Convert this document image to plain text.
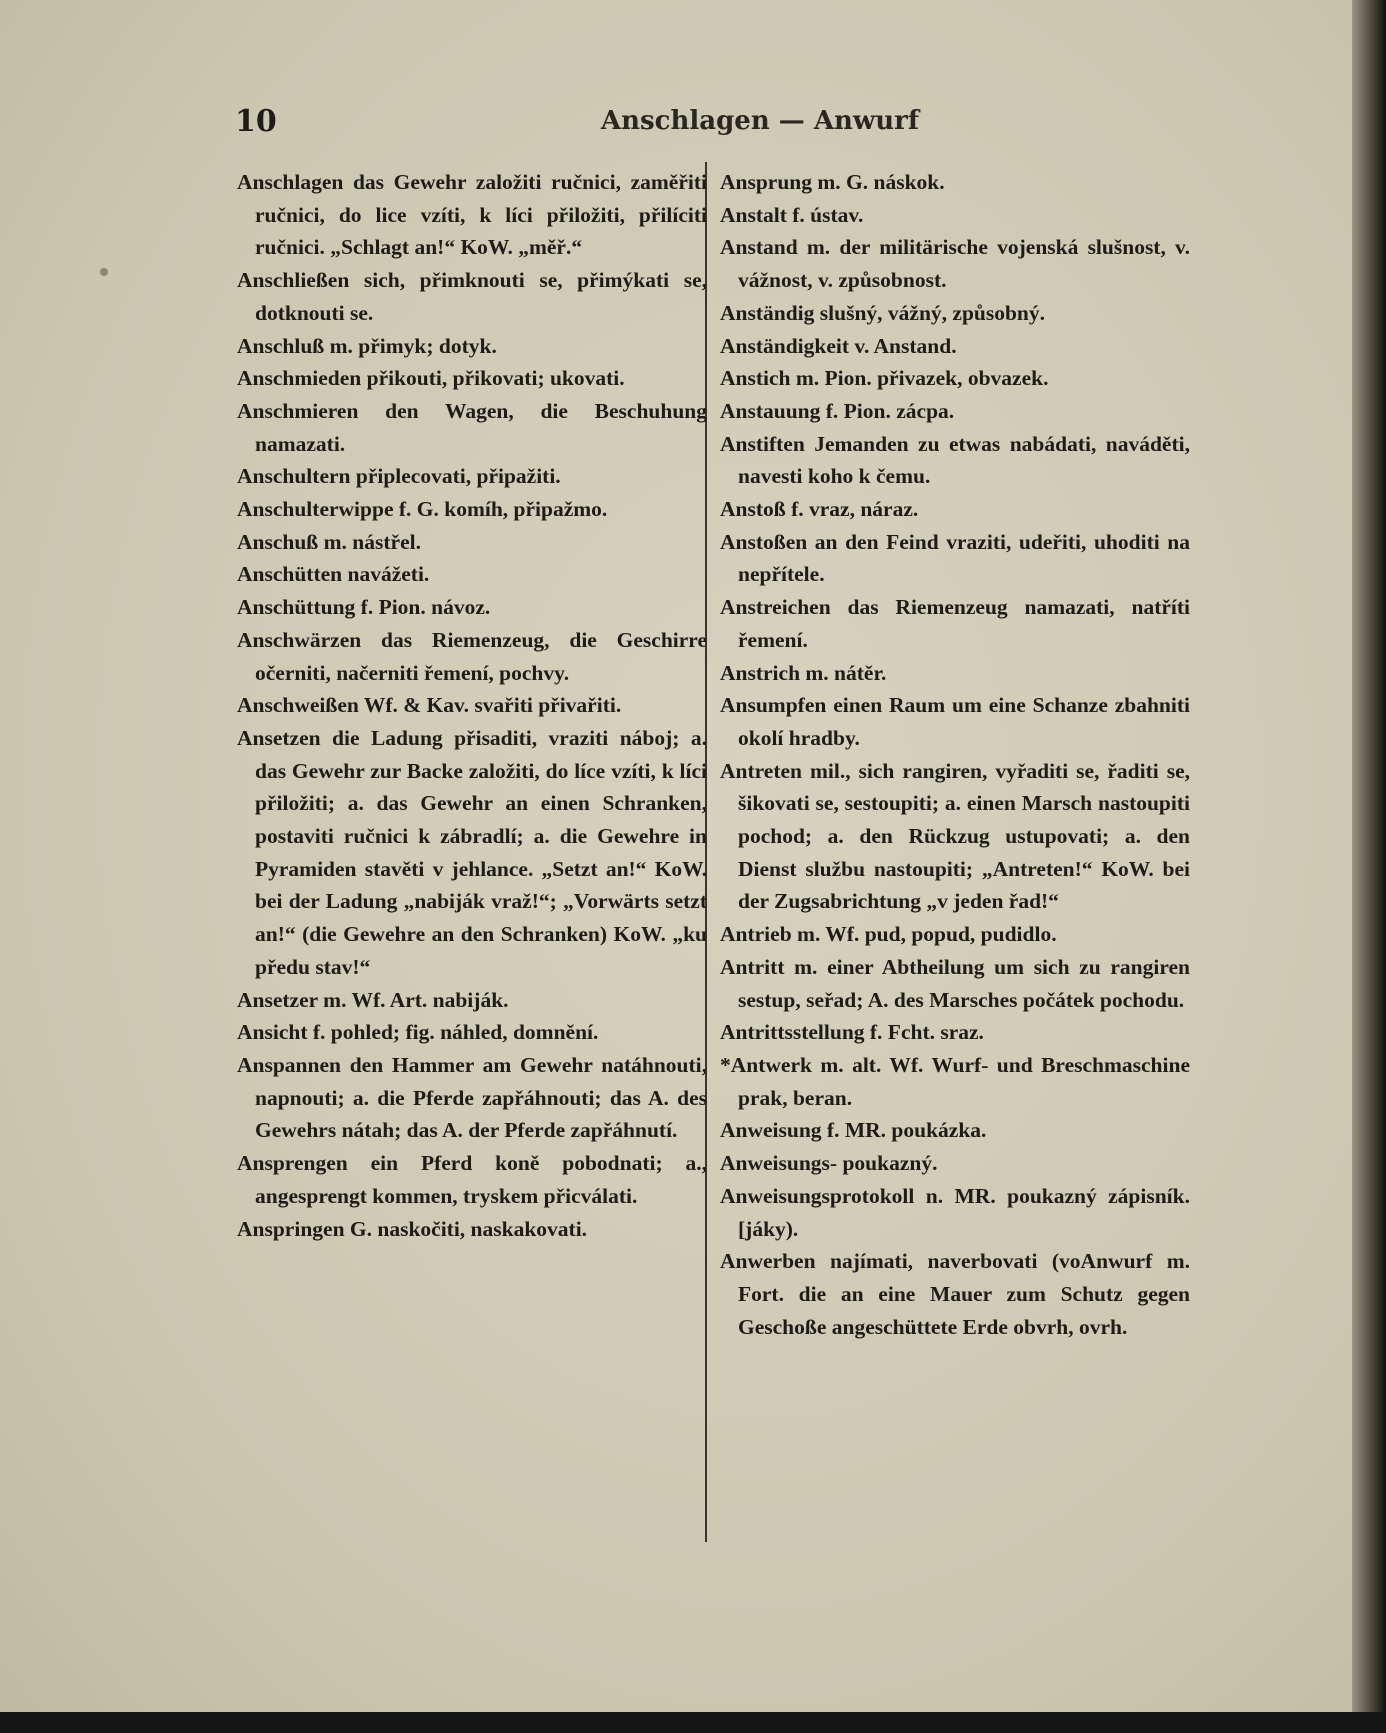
10	Anschlagen — Anwurf

Anschlagen das Gewehr založiti ručnici, zaměřiti ručnici, do lice vzíti, k líci přiložiti, přilíciti ručnici. „Schlagt an!“ KoW. „měř.“

Anschließen sich, přimknouti se, přimýkati se, dotknouti se.

Anschluß m. přimyk; dotyk.

Anschmieden přikouti, přikovati; ukovati.

Anschmieren den Wagen, die Beschuhung namazati.

Anschultern připlecovati, připažiti.

Anschulterwippe f. G. komíh, připažmo.

Anschuß m. nástřel.

Anschütten navážeti.

Anschüttung f. Pion. návoz.

Anschwärzen das Riemenzeug, die Geschirre očerniti, načerniti řemení, pochvy.

Anschweißen Wf. & Kav. svařiti přivařiti.

Ansetzen die Ladung přisaditi, vraziti náboj; a. das Gewehr zur Backe založiti, do líce vzíti, k líci přiložiti; a. das Gewehr an einen Schranken, postaviti ručnici k zábradlí; a. die Gewehre in Pyramiden stavěti v jehlance. „Setzt an!“ KoW. bei der Ladung „nabiják vraž!“; „Vorwärts setzt an!“ (die Gewehre an den Schranken) KoW. „ku předu stav!“

Ansetzer m. Wf. Art. nabiják.

Ansicht f. pohled; fig. náhled, domnění.

Anspannen den Hammer am Gewehr natáhnouti, napnouti; a. die Pferde zapřáhnouti; das A. des Gewehrs nátah; das A. der Pferde zapřáhnutí.

Ansprengen ein Pferd koně pobodnati; a., angesprengt kommen, tryskem přicválati.

Anspringen G. naskočiti, naskakovati.

Ansprung m. G. náskok.

Anstalt f. ústav.

Anstand m. der militärische vojenská slušnost, v. vážnost, v. způsobnost.

Anständig slušný, vážný, způsobný.

Anständigkeit v. Anstand.

Anstich m. Pion. přivazek, obvazek.

Anstauung f. Pion. zácpa.

Anstiften Jemanden zu etwas nabádati, naváděti, navesti koho k čemu.

Anstoß f. vraz, náraz.

Anstoßen an den Feind vraziti, udeřiti, uhoditi na nepřítele.

Anstreichen das Riemenzeug namazati, natříti řemení.

Anstrich m. nátěr.

Ansumpfen einen Raum um eine Schanze zbahniti okolí hradby.

Antreten mil., sich rangiren, vyřaditi se, řaditi se, šikovati se, sestoupiti; a. einen Marsch nastoupiti pochod; a. den Rückzug ustupovati; a. den Dienst službu nastoupiti; „Antreten!“ KoW. bei der Zugsabrichtung „v jeden řad!“

Antrieb m. Wf. pud, popud, pudidlo.

Antritt m. einer Abtheilung um sich zu rangiren sestup, seřad; A. des Marsches počátek pochodu.

Antrittsstellung f. Fcht. sraz.

*Antwerk m. alt. Wf. Wurf- und Breschmaschine prak, beran.

Anweisung f. MR. poukázka.

Anweisungs- poukazný.

Anweisungsprotokoll n. MR. poukazný zápisník. [jáky).

Anwerben najímati, naverbovati (voAnwurf m. Fort. die an eine Mauer zum Schutz gegen Geschoße angeschüttete Erde obvrh, ovrh.
